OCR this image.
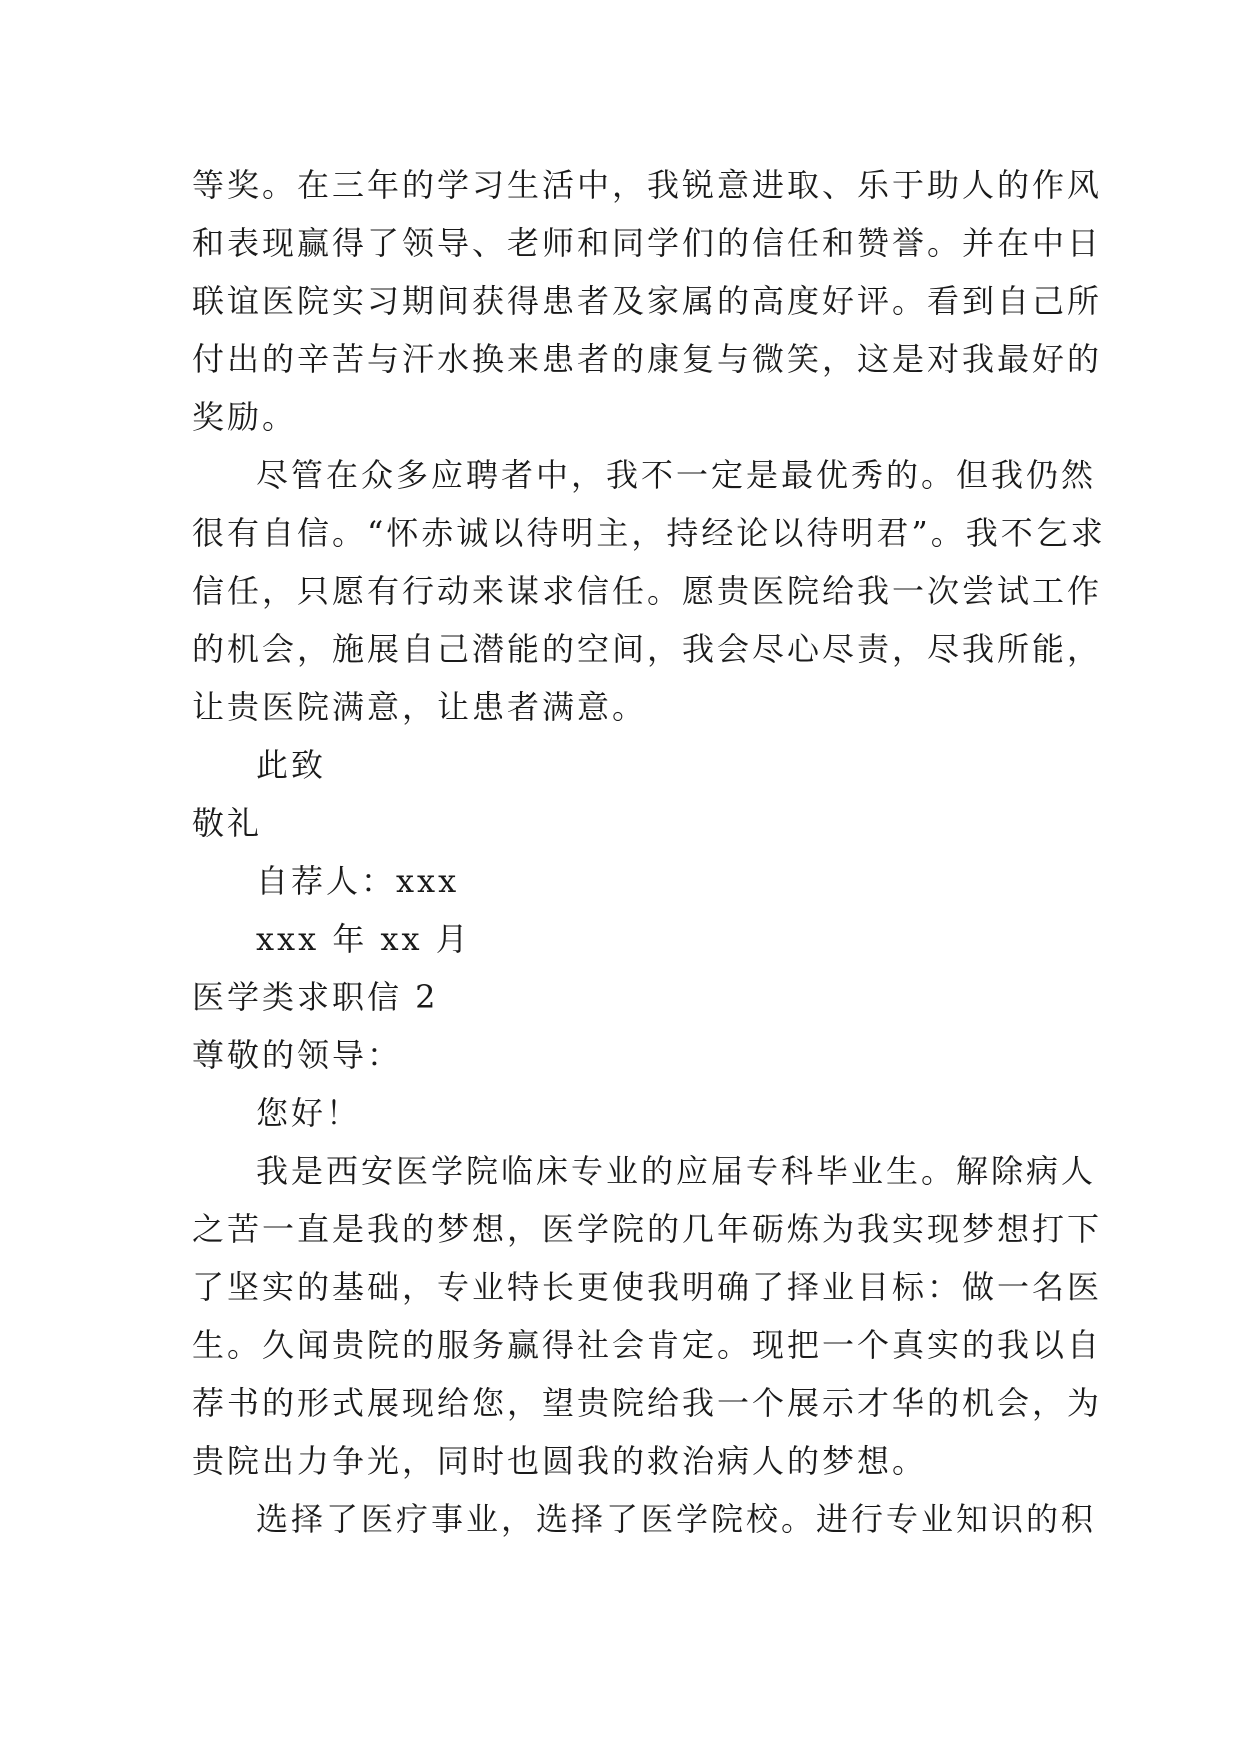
等奖。在三年的学习生活中，我锐意进取、乐于助人的作风
和表现赢得了领导、老师和同学们的信任和赞誉。并在中日
联谊医院实习期间获得患者及家属的高度好评。看到自己所
付出的辛苦与汗水换来患者的康复与微笑，这是对我最好的
奖励。
尽管在众多应聘者中，我不一定是最优秀的。但我仍然
很有自信。“怀赤诚以待明主，持经论以待明君”。我不乞求
信任，只愿有行动来谋求信任。愿贵医院给我一次尝试工作
的机会，施展自己潜能的空间，我会尽心尽责，尽我所能，
让贵医院满意，让患者满意。
此致
敬礼
自荐人：xxx
xxx 年 xx 月
医学类求职信 2
尊敬的领导：
您好！
我是西安医学院临床专业的应届专科毕业生。解除病人
之苦一直是我的梦想，医学院的几年砺炼为我实现梦想打下
了坚实的基础，专业特长更使我明确了择业目标：做一名医
生。久闻贵院的服务赢得社会肯定。现把一个真实的我以自
荐书的形式展现给您，望贵院给我一个展示才华的机会，为
贵院出力争光，同时也圆我的救治病人的梦想。
选择了医疗事业，选择了医学院校。进行专业知识的积
